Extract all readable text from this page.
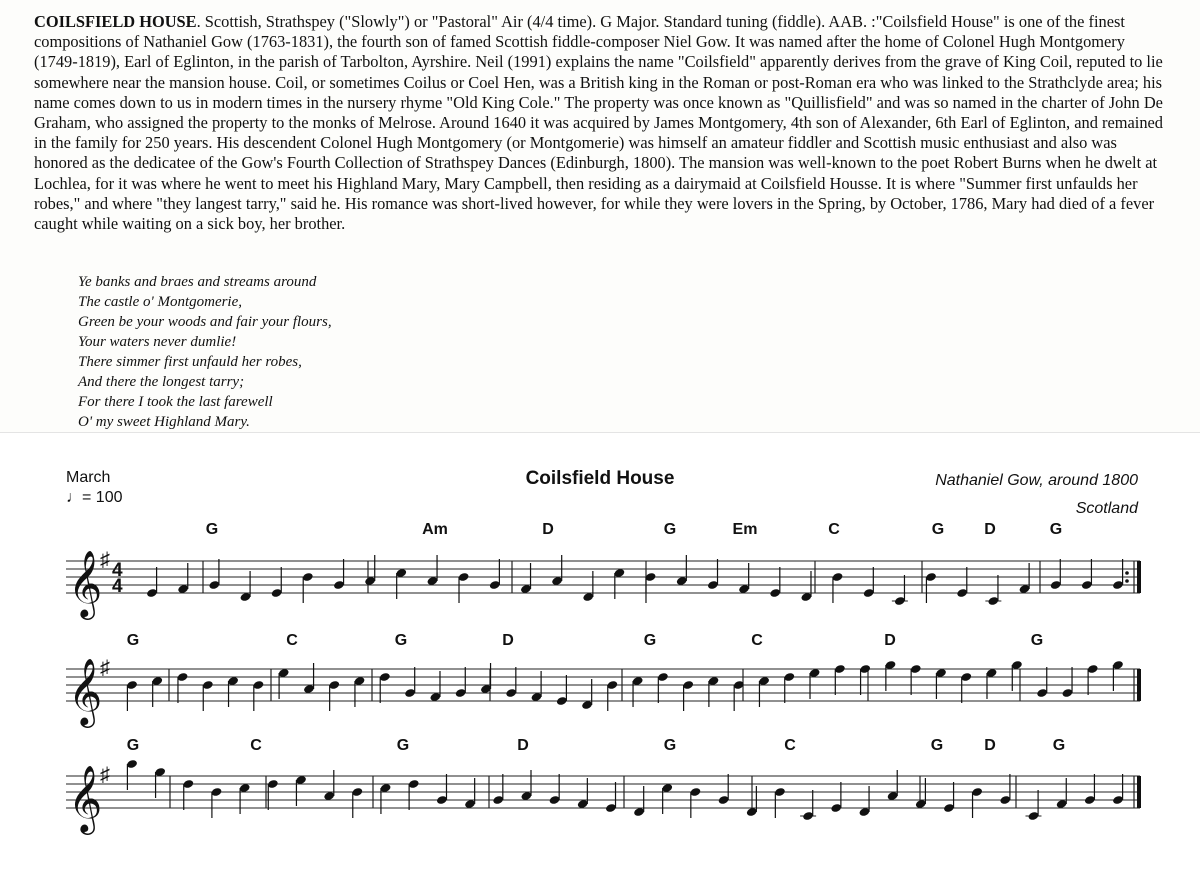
COILSFIELD HOUSE. Scottish, Strathspey ("Slowly") or "Pastoral" Air (4/4 time). G Major. Standard tuning (fiddle). AAB. :"Coilsfield House" is one of the finest compositions of Nathaniel Gow (1763-1831), the fourth son of famed Scottish fiddle-composer Niel Gow. It was named after the home of Colonel Hugh Montgomery (1749-1819), Earl of Eglinton, in the parish of Tarbolton, Ayrshire. Neil (1991) explains the name "Coilsfield" apparently derives from the grave of King Coil, reputed to lie somewhere near the mansion house. Coil, or sometimes Coilus or Coel Hen, was a British king in the Roman or post-Roman era who was linked to the Strathclyde area; his name comes down to us in modern times in the nursery rhyme "Old King Cole." The property was once known as "Quillisfield" and was so named in the charter of John De Graham, who assigned the property to the monks of Melrose. Around 1640 it was acquired by James Montgomery, 4th son of Alexander, 6th Earl of Eglinton, and remained in the family for 250 years. His descendent Colonel Hugh Montgomery (or Montgomerie) was himself an amateur fiddler and Scottish music enthusiast and also was honored as the dedicatee of the Gow's Fourth Collection of Strathspey Dances (Edinburgh, 1800). The mansion was well-known to the poet Robert Burns when he dwelt at Lochlea, for it was where he went to meet his Highland Mary, Mary Campbell, then residing as a dairymaid at Coilsfield Housse. It is where "Summer first unfaulds her robes," and where "they langest tarry," said he. His romance was short-lived however, for while they were lovers in the Spring, by October, 1786, Mary had died of a fever caught while waiting on a sick boy, her brother.

Ye banks and braes and streams around
The castle o' Montgomerie,
Green be your woods and fair your flours,
Your waters never dumlie!
There simmer first unfauld her robes,
And there the longest tarry;
For there I took the last farewell
O' my sweet Highland Mary.
March
♩= 100
Coilsfield House	Nathaniel Gow, around 1800
Scotland
𝄞
♯ 4
4
G	Am	D	G	Em	C	G D	G
𝄞
♯
G	C	G	D	G	C	D	G
𝄞
♯
G	C	G	D	G	C	G	D	G
